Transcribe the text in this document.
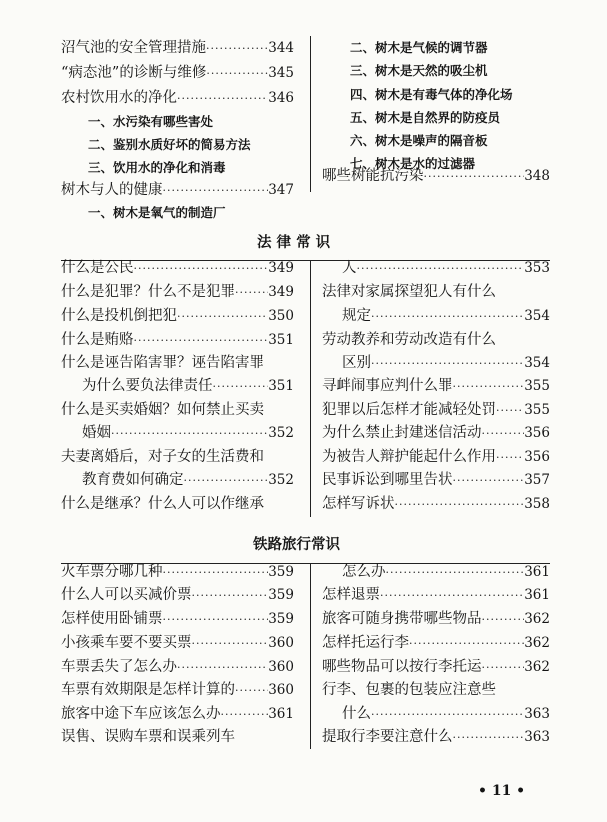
沼气池的安全管理措施 ·····	344
“病态池”的诊断与维修 ·····	345
农村饮用水的净化 ·····	346
一、水污染有哪些害处
二、鉴别水质好坏的简易方法
三、饮用水的净化和消毒
树木与人的健康 ·····	347
一、树木是氧气的制造厂
二、树木是气候的调节器
三、树木是天然的吸尘机
四、树木是有毒气体的净化场
五、树木是自然界的防疫员
六、树木是噪声的隔音板
七、树木是水的过滤器
哪些树能抗污染 ·····	348
法 律 常 识
什么是公民 ·····	349
什么是犯罪？什么不是犯罪 ····· 349
什么是投机倒把犯 ·····	350
什么是贿赂 ·····	351
什么是诬告陷害罪？诬告陷害罪
为什么要负法律责任 ·····	351
什么是买卖婚姻？如何禁止买卖
婚姻 ·····	352
夫妻离婚后，对子女的生活费和
教育费如何确定 ·····	352
什么是继承？什么人可以作继承
人 ·····	353
法律对家属探望犯人有什么
规定 ·····	354
劳动教养和劳动改造有什么
区别 ·····	354
寻衅闹事应判什么罪 ·····	355
犯罪以后怎样才能减轻处罚 ····· 355
为什么禁止封建迷信活动 ·····	356
为被告人辩护能起什么作用 ····· 356
民事诉讼到哪里告状 ·····	357
怎样写诉状 ·····	358
铁路旅行常识
火车票分哪几种 ·····	359
什么人可以买减价票 ·····	359
怎样使用卧铺票 ·····	359
小孩乘车要不要买票 ·····	360
车票丢失了怎么办 ·····	360
车票有效期限是怎样计算的 ····· 360
旅客中途下车应该怎么办 ·····	361
误售、误购车票和误乘列车
怎么办 ·····	361
怎样退票 ·····	361
旅客可随身携带哪些物品 ·····	362
怎样托运行李 ·····	362
哪些物品可以按行李托运 ·····	362
行李、包裹的包装应注意些
什么 ·····	363
提取行李要注意什么 ·····	363
• 11 •
